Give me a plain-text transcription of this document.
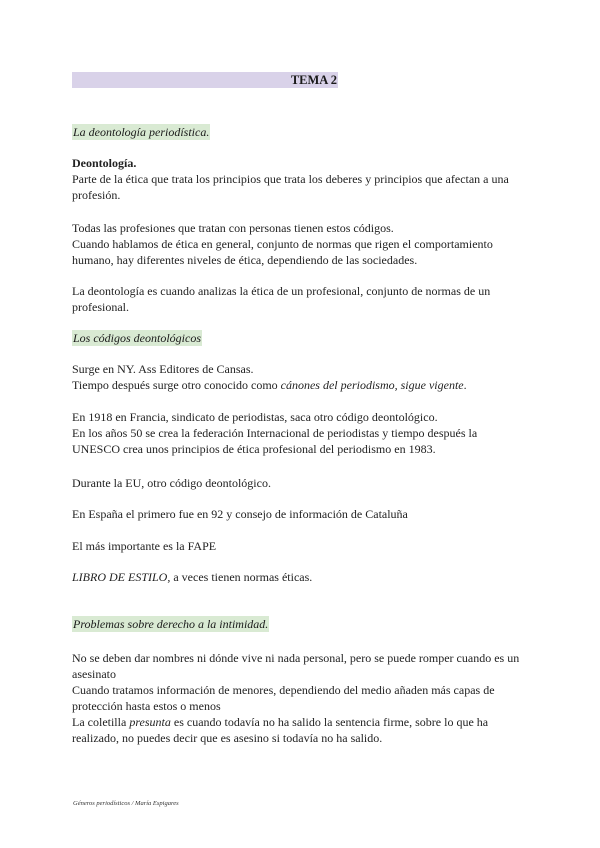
TEMA 2
La deontología periodística.

Deontología.

Parte de la ética que trata los principios que trata los deberes y principios que afectan a una profesión.

Todas las profesiones que tratan con personas tienen estos códigos.

Cuando hablamos de ética en general, conjunto de normas que rigen el comportamiento humano, hay diferentes niveles de ética, dependiendo de las sociedades.

La deontología es cuando analizas la ética de un profesional, conjunto de normas de un profesional.

Los códigos deontológicos

Surge en NY. Ass Editores de Cansas.

Tiempo después surge otro conocido como cánones del periodismo, sigue vigente.

En 1918 en Francia, sindicato de periodistas, saca otro código deontológico.

En los años 50 se crea la federación Internacional de periodistas y tiempo después la UNESCO crea unos principios de ética profesional del periodismo en 1983.

Durante la EU, otro código deontológico.

En España el primero fue en 92 y consejo de información de Cataluña

El más importante es la FAPE

LIBRO DE ESTILO, a veces tienen normas éticas.

Problemas sobre derecho a la intimidad.

No se deben dar nombres ni dónde vive ni nada personal, pero se puede romper cuando es un asesinato

Cuando tratamos información de menores, dependiendo del medio añaden más capas de protección hasta estos o menos

La coletilla presunta es cuando todavía no ha salido la sentencia firme, sobre lo que ha realizado, no puedes decir que es asesino si todavía no ha salido.

Géneros periodísticos / María Espigares
